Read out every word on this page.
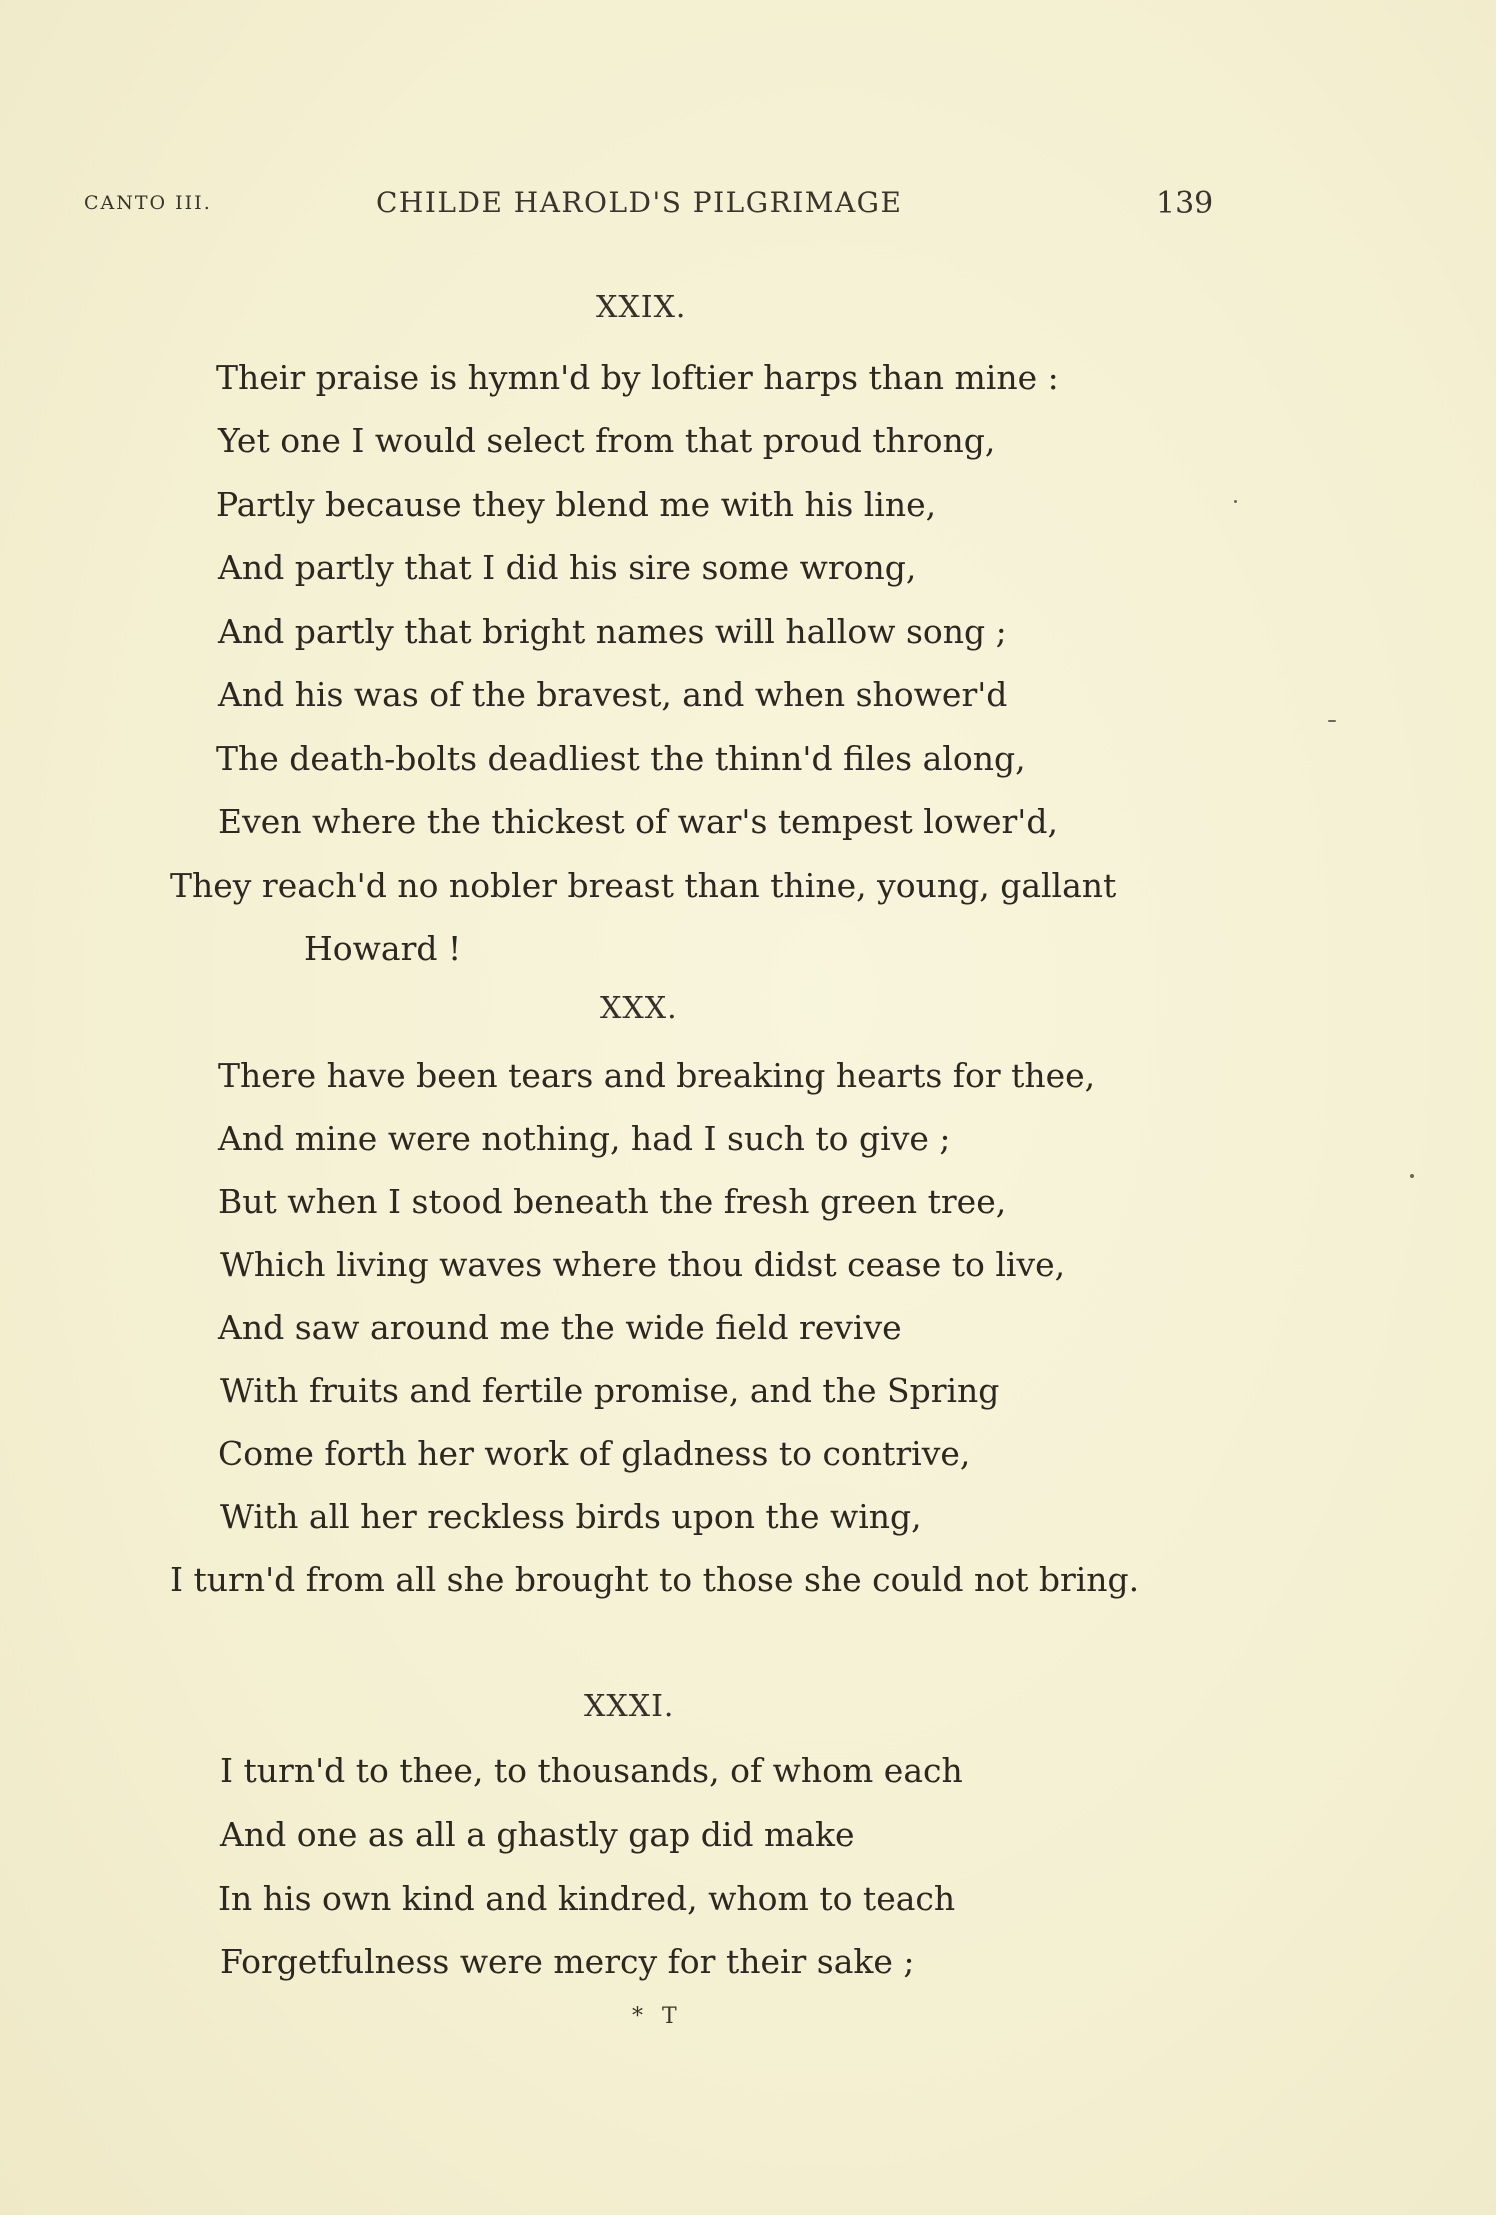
CANTO III.	CHILDE HAROLD'S PILGRIMAGE	139
XXIX.
Their praise is hymn'd by loftier harps than mine :
Yet one I would select from that proud throng,
Partly because they blend me with his line,
And partly that I did his sire some wrong,
And partly that bright names will hallow song ;
And his was of the bravest, and when shower'd
The death-bolts deadliest the thinn'd files along,
Even where the thickest of war's tempest lower'd,
They reach'd no nobler breast than thine, young, gallant
Howard !
XXX.
There have been tears and breaking hearts for thee,
And mine were nothing, had I such to give ;
But when I stood beneath the fresh green tree,
Which living waves where thou didst cease to live,
And saw around me the wide field revive
With fruits and fertile promise, and the Spring
Come forth her work of gladness to contrive,
With all her reckless birds upon the wing,
I turn'd from all she brought to those she could not bring.
XXXI.
I turn'd to thee, to thousands, of whom each
And one as all a ghastly gap did make
In his own kind and kindred, whom to teach
Forgetfulness were mercy for their sake ;
* T
